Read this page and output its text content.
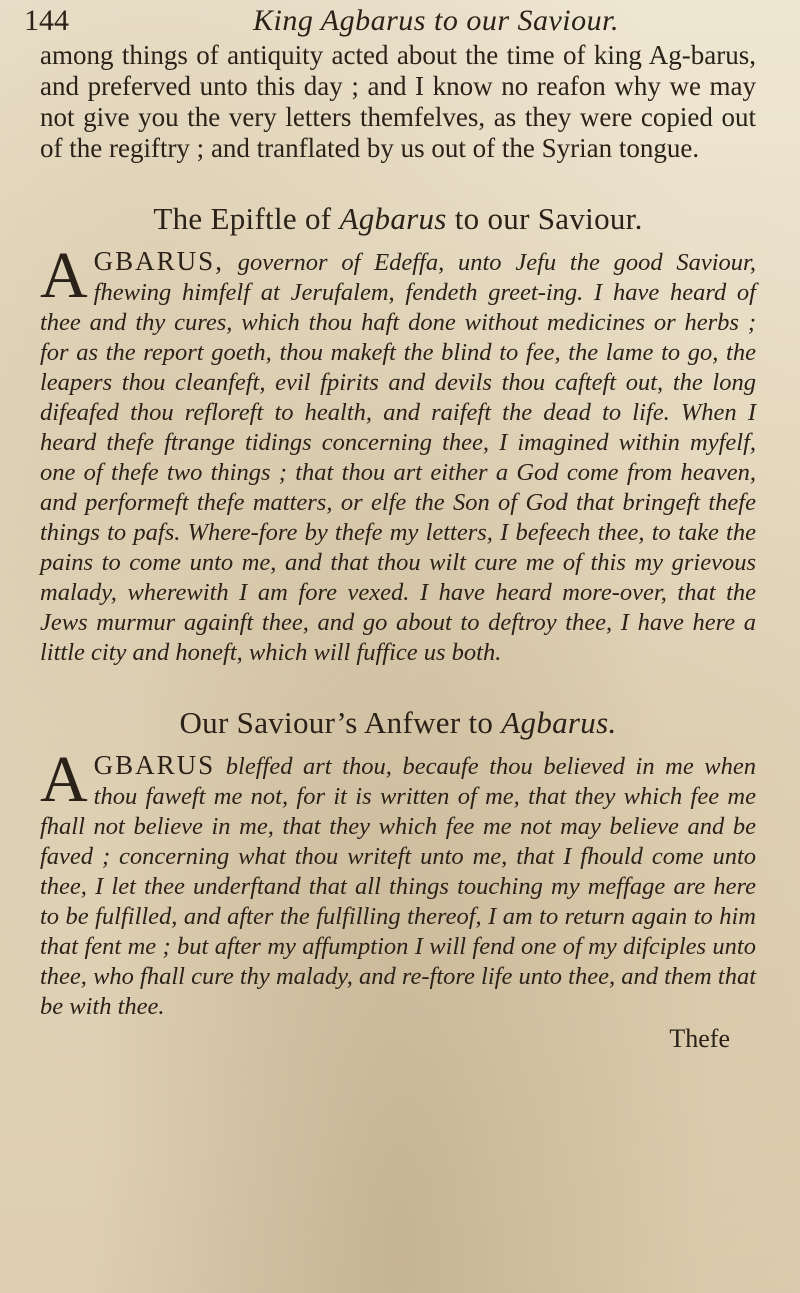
144	King Agbarus to our Saviour.

among things of antiquity acted about the time of king Ag-barus, and preferved unto this day ; and I know no reafon why we may not give you the very letters themfelves, as they were copied out of the regiftry ; and tranflated by us out of the Syrian tongue.

The Epiftle of Agbarus to our Saviour.

AGBARUS, governor of Edeffa, unto Jefu the good Saviour, fhewing himfelf at Jerufalem, fendeth greet-ing. I have heard of thee and thy cures, which thou haft done without medicines or herbs ; for as the report goeth, thou makeft the blind to fee, the lame to go, the leapers thou cleanfeft, evil fpirits and devils thou cafteft out, the long difeafed thou refloreft to health, and raifeft the dead to life. When I heard thefe ftrange tidings concerning thee, I imagined within myfelf, one of thefe two things ; that thou art either a God come from heaven, and performeft thefe matters, or elfe the Son of God that bringeft thefe things to pafs. Where-fore by thefe my letters, I befeech thee, to take the pains to come unto me, and that thou wilt cure me of this my grievous malady, wherewith I am fore vexed. I have heard more-over, that the Jews murmur againft thee, and go about to deftroy thee, I have here a little city and honeft, which will fuffice us both.

Our Saviour’s Anfwer to Agbarus.

AGBARUS bleffed art thou, becaufe thou believed in me when thou faweft me not, for it is written of me, that they which fee me fhall not believe in me, that they which fee me not may believe and be faved ; concerning what thou writeft unto me, that I fhould come unto thee, I let thee underftand that all things touching my meffage are here to be fulfilled, and after the fulfilling thereof, I am to return again to him that fent me ; but after my affumption I will fend one of my difciples unto thee, who fhall cure thy malady, and re-ftore life unto thee, and them that be with thee.

Thefe
